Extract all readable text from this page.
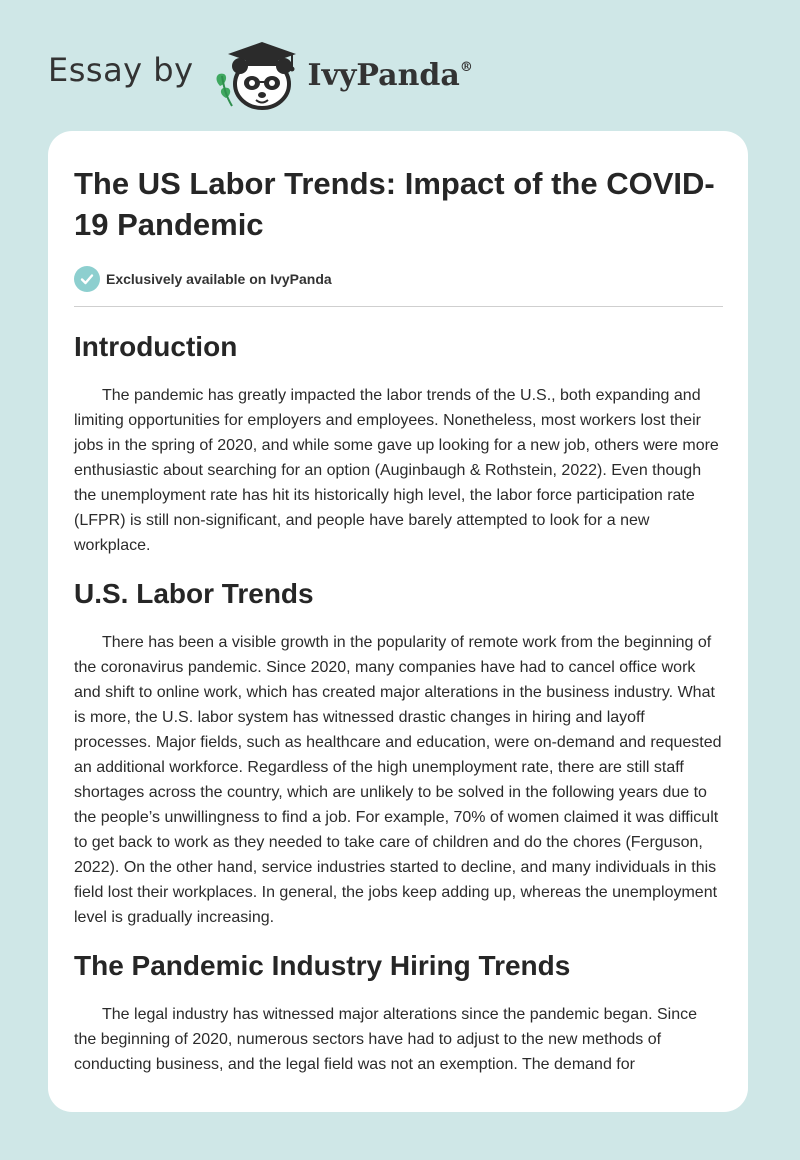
Essay by	IvyPanda®
The US Labor Trends: Impact of the COVID-19 Pandemic
Exclusively available on IvyPanda
Introduction

The pandemic has greatly impacted the labor trends of the U.S., both expanding and limiting opportunities for employers and employees. Nonetheless, most workers lost their jobs in the spring of 2020, and while some gave up looking for a new job, others were more enthusiastic about searching for an option (Auginbaugh & Rothstein, 2022). Even though the unemployment rate has hit its historically high level, the labor force participation rate (LFPR) is still non-significant, and people have barely attempted to look for a new workplace.

U.S. Labor Trends

There has been a visible growth in the popularity of remote work from the beginning of the coronavirus pandemic. Since 2020, many companies have had to cancel office work and shift to online work, which has created major alterations in the business industry. What is more, the U.S. labor system has witnessed drastic changes in hiring and layoff processes. Major fields, such as healthcare and education, were on-demand and requested an additional workforce. Regardless of the high unemployment rate, there are still staff shortages across the country, which are unlikely to be solved in the following years due to the people’s unwillingness to find a job. For example, 70% of women claimed it was difficult to get back to work as they needed to take care of children and do the chores (Ferguson, 2022). On the other hand, service industries started to decline, and many individuals in this field lost their workplaces. In general, the jobs keep adding up, whereas the unemployment level is gradually increasing.

The Pandemic Industry Hiring Trends

The legal industry has witnessed major alterations since the pandemic began. Since the beginning of 2020, numerous sectors have had to adjust to the new methods of conducting business, and the legal field was not an exemption. The demand for
